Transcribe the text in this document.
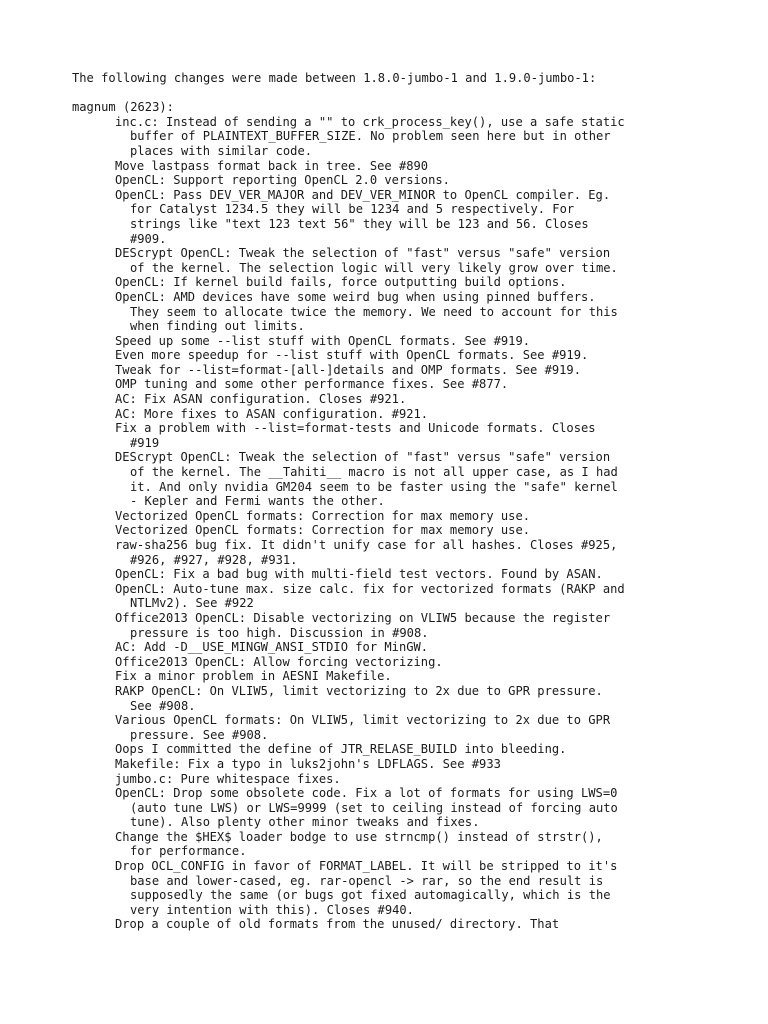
The following changes were made between 1.8.0-jumbo-1 and 1.9.0-jumbo-1:

magnum (2623):

inc.c: Instead of sending a "" to crk_process_key(), use a safe static
buffer of PLAINTEXT_BUFFER_SIZE. No problem seen here but in other
places with similar code.
Move lastpass format back in tree. See #890
OpenCL: Support reporting OpenCL 2.0 versions.
OpenCL: Pass DEV_VER_MAJOR and DEV_VER_MINOR to OpenCL compiler. Eg.
for Catalyst 1234.5 they will be 1234 and 5 respectively. For
strings like "text 123 text 56" they will be 123 and 56. Closes
#909.
DEScrypt OpenCL: Tweak the selection of "fast" versus "safe" version
of the kernel. The selection logic will very likely grow over time.
OpenCL: If kernel build fails, force outputting build options.
OpenCL: AMD devices have some weird bug when using pinned buffers.
They seem to allocate twice the memory. We need to account for this
when finding out limits.
Speed up some --list stuff with OpenCL formats. See #919.
Even more speedup for --list stuff with OpenCL formats. See #919.
Tweak for --list=format-[all-]details and OMP formats. See #919.
OMP tuning and some other performance fixes. See #877.
AC: Fix ASAN configuration. Closes #921.
AC: More fixes to ASAN configuration. #921.
Fix a problem with --list=format-tests and Unicode formats. Closes
#919
DEScrypt OpenCL: Tweak the selection of "fast" versus "safe" version
of the kernel. The __Tahiti__ macro is not all upper case, as I had
it. And only nvidia GM204 seem to be faster using the "safe" kernel
- Kepler and Fermi wants the other.
Vectorized OpenCL formats: Correction for max memory use.
Vectorized OpenCL formats: Correction for max memory use.
raw-sha256 bug fix. It didn't unify case for all hashes. Closes #925,
#926, #927, #928, #931.
OpenCL: Fix a bad bug with multi-field test vectors. Found by ASAN.
OpenCL: Auto-tune max. size calc. fix for vectorized formats (RAKP and
NTLMv2). See #922
Office2013 OpenCL: Disable vectorizing on VLIW5 because the register
pressure is too high. Discussion in #908.
AC: Add -D__USE_MINGW_ANSI_STDIO for MinGW.
Office2013 OpenCL: Allow forcing vectorizing.
Fix a minor problem in AESNI Makefile.
RAKP OpenCL: On VLIW5, limit vectorizing to 2x due to GPR pressure.
See #908.
Various OpenCL formats: On VLIW5, limit vectorizing to 2x due to GPR
pressure. See #908.
Oops I committed the define of JTR_RELASE_BUILD into bleeding.
Makefile: Fix a typo in luks2john's LDFLAGS. See #933
jumbo.c: Pure whitespace fixes.
OpenCL: Drop some obsolete code. Fix a lot of formats for using LWS=0
(auto tune LWS) or LWS=9999 (set to ceiling instead of forcing auto
tune). Also plenty other minor tweaks and fixes.
Change the $HEX$ loader bodge to use strncmp() instead of strstr(),
for performance.
Drop OCL_CONFIG in favor of FORMAT_LABEL. It will be stripped to it's
base and lower-cased, eg. rar-opencl -> rar, so the end result is
supposedly the same (or bugs got fixed automagically, which is the
very intention with this). Closes #940.
Drop a couple of old formats from the unused/ directory. That
